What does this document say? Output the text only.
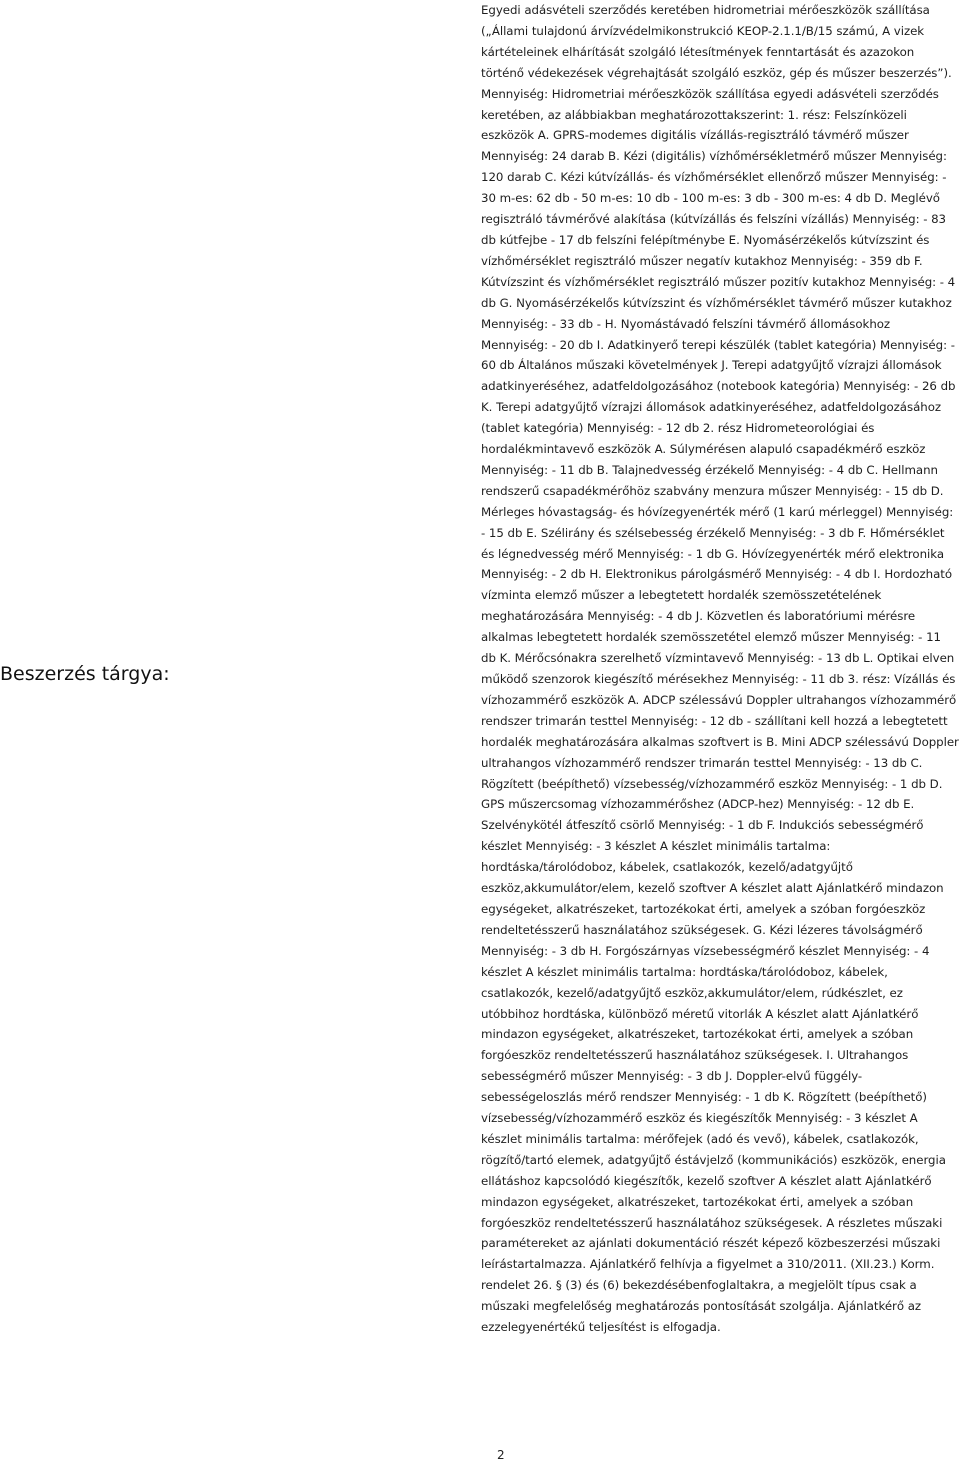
Beszerzés tárgya:
Egyedi adásvételi szerződés keretében hidrometriai mérőeszközök szállítása („Állami tulajdonú árvízvédelmikonstrukció KEOP-2.1.1/B/15 számú, A vizek kártételeinek elhárítását szolgáló létesítmények fenntartását és azazokon történő védekezések végrehajtását szolgáló eszköz, gép és műszer beszerzés”). Mennyiség: Hidrometriai mérőeszközök szállítása egyedi adásvételi szerződés keretében, az alábbiakban meghatározottakszerint: 1. rész: Felszínközeli eszközök A. GPRS-modemes digitális vízállás-regisztráló távmérő műszer Mennyiség: 24 darab B. Kézi (digitális) vízhőmérsékletmérő műszer Mennyiség: 120 darab C. Kézi kútvízállás- és vízhőmérséklet ellenőrző műszer Mennyiség: - 30 m-es: 62 db - 50 m-es: 10 db - 100 m-es: 3 db - 300 m-es: 4 db D. Meglévő regisztráló távmérővé alakítása (kútvízállás és felszíni vízállás) Mennyiség: - 83 db kútfejbe - 17 db felszíni felépítménybe E. Nyomásérzékelős kútvízszint és vízhőmérséklet regisztráló műszer negatív kutakhoz Mennyiség: - 359 db F. Kútvízszint és vízhőmérséklet regisztráló műszer pozitív kutakhoz Mennyiség: - 4 db G. Nyomásérzékelős kútvízszint és vízhőmérséklet távmérő műszer kutakhoz Mennyiség: - 33 db - H. Nyomástávadó felszíni távmérő állomásokhoz Mennyiség: - 20 db I. Adatkinyerő terepi készülék (tablet kategória) Mennyiség: - 60 db Általános műszaki követelmények J. Terepi adatgyűjtő vízrajzi állomások adatkinyeréséhez, adatfeldolgozásához (notebook kategória) Mennyiség: - 26 db K. Terepi adatgyűjtő vízrajzi állomások adatkinyeréséhez, adatfeldolgozásához (tablet kategória) Mennyiség: - 12 db 2. rész Hidrometeorológiai és hordalékmintavevő eszközök A. Súlymérésen alapuló csapadékmérő eszköz Mennyiség: - 11 db B. Talajnedvesség érzékelő Mennyiség: - 4 db C. Hellmann rendszerű csapadékmérőhöz szabvány menzura műszer Mennyiség: - 15 db D. Mérleges hóvastagság- és hóvízegyenérték mérő (1 karú mérleggel) Mennyiség: - 15 db E. Szélirány és szélsebesség érzékelő Mennyiség: - 3 db F. Hőmérséklet és légnedvesség mérő Mennyiség: - 1 db G. Hóvízegyenérték mérő elektronika Mennyiség: - 2 db H. Elektronikus párolgásmérő Mennyiség: - 4 db I. Hordozható vízminta elemző műszer a lebegtetett hordalék szemösszetételének meghatározására Mennyiség: - 4 db J. Közvetlen és laboratóriumi mérésre alkalmas lebegtetett hordalék szemösszetétel elemző műszer Mennyiség: - 11 db K. Mérőcsónakra szerelhető vízmintavevő Mennyiség: - 13 db L. Optikai elven működő szenzorok kiegészítő mérésekhez Mennyiség: - 11 db 3. rész: Vízállás és vízhozammérő eszközök A. ADCP szélessávú Doppler ultrahangos vízhozammérő rendszer trimarán testtel Mennyiség: - 12 db - szállítani kell hozzá a lebegtetett hordalék meghatározására alkalmas szoftvert is B. Mini ADCP szélessávú Doppler ultrahangos vízhozammérő rendszer trimarán testtel Mennyiség: - 13 db C. Rögzített (beépíthető) vízsebesség/vízhozammérő eszköz Mennyiség: - 1 db D. GPS műszercsomag vízhozammérőshez (ADCP-hez) Mennyiség: - 12 db E. Szelvénykötél átfeszítő csörlő Mennyiség: - 1 db F. Indukciós sebességmérő készlet Mennyiség: - 3 készlet A készlet minimális tartalma: hordtáska/tárolódoboz, kábelek, csatlakozók, kezelő/adatgyűjtő eszköz,akkumulátor/elem, kezelő szoftver A készlet alatt Ajánlatkérő mindazon egységeket, alkatrészeket, tartozékokat érti, amelyek a szóban forgóeszköz rendeltetésszerű használatához szükségesek. G. Kézi lézeres távolságmérő Mennyiség: - 3 db H. Forgószárnyas vízsebességmérő készlet Mennyiség: - 4 készlet A készlet minimális tartalma: hordtáska/tárolódoboz, kábelek, csatlakozók, kezelő/adatgyűjtő eszköz,akkumulátor/elem, rúdkészlet, ez utóbbihoz hordtáska, különböző méretű vitorlák A készlet alatt Ajánlatkérő mindazon egységeket, alkatrészeket, tartozékokat érti, amelyek a szóban forgóeszköz rendeltetésszerű használatához szükségesek. I. Ultrahangos sebességmérő műszer Mennyiség: - 3 db J. Doppler-elvű függély-sebességeloszlás mérő rendszer Mennyiség: - 1 db K. Rögzített (beépíthető) vízsebesség/vízhozammérő eszköz és kiegészítők Mennyiség: - 3 készlet A készlet minimális tartalma: mérőfejek (adó és vevő), kábelek, csatlakozók, rögzítő/tartó elemek, adatgyűjtő éstávjelző (kommunikációs) eszközök, energia ellátáshoz kapcsolódó kiegészítők, kezelő szoftver A készlet alatt Ajánlatkérő mindazon egységeket, alkatrészeket, tartozékokat érti, amelyek a szóban forgóeszköz rendeltetésszerű használatához szükségesek. A részletes műszaki paramétereket az ajánlati dokumentáció részét képező közbeszerzési műszaki leírástartalmazza. Ajánlatkérő felhívja a figyelmet a 310/2011. (XII.23.) Korm. rendelet 26. § (3) és (6) bekezdésébenfoglaltakra, a megjelölt típus csak a műszaki megfelelőség meghatározás pontosítását szolgálja. Ajánlatkérő az ezzelegyenértékű teljesítést is elfogadja.
2
